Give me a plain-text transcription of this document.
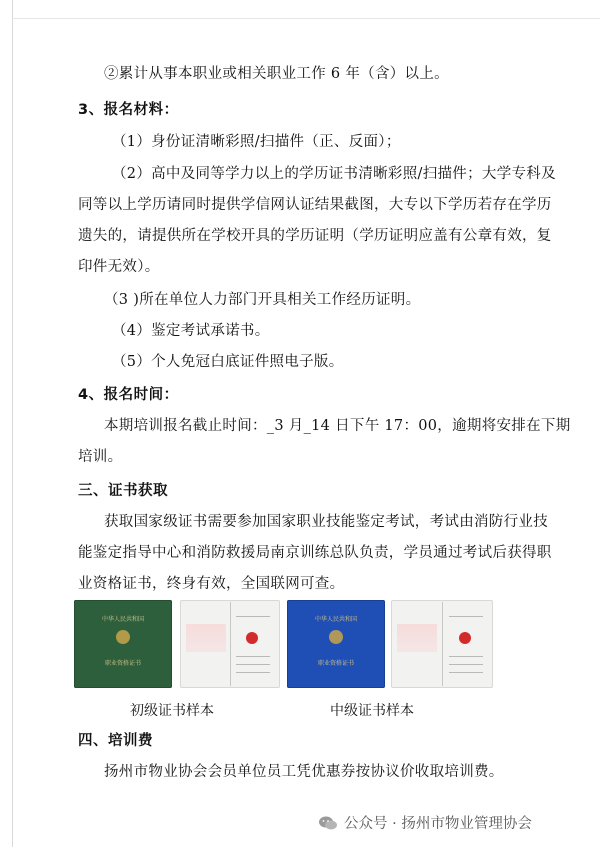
②累计从事本职业或相关职业工作 6 年（含）以上。
3、报名材料：
（1）身份证清晰彩照/扫描件（正、反面）；
（2）高中及同等学力以上的学历证书清晰彩照/扫描件；大学专科及
同等以上学历请同时提供学信网认证结果截图，大专以下学历若存在学历
遗失的，请提供所在学校开具的学历证明（学历证明应盖有公章有效，复
印件无效）。
（3 )所在单位人力部门开具相关工作经历证明。
（4）鉴定考试承诺书。
（5）个人免冠白底证件照电子版。
4、报名时间：
本期培训报名截止时间：_3 月_14 日下午 17：00，逾期将安排在下期
培训。
三、证书获取
获取国家级证书需要参加国家职业技能鉴定考试，考试由消防行业技
能鉴定指导中心和消防救援局南京训练总队负责，学员通过考试后获得职
业资格证书，终身有效，全国联网可查。
中华人民共和国
职业资格证书
中华人民共和国
职业资格证书
初级证书样本	中级证书样本
四、培训费
扬州市物业协会会员单位员工凭优惠券按协议价收取培训费。
公众号 · 扬州市物业管理协会
